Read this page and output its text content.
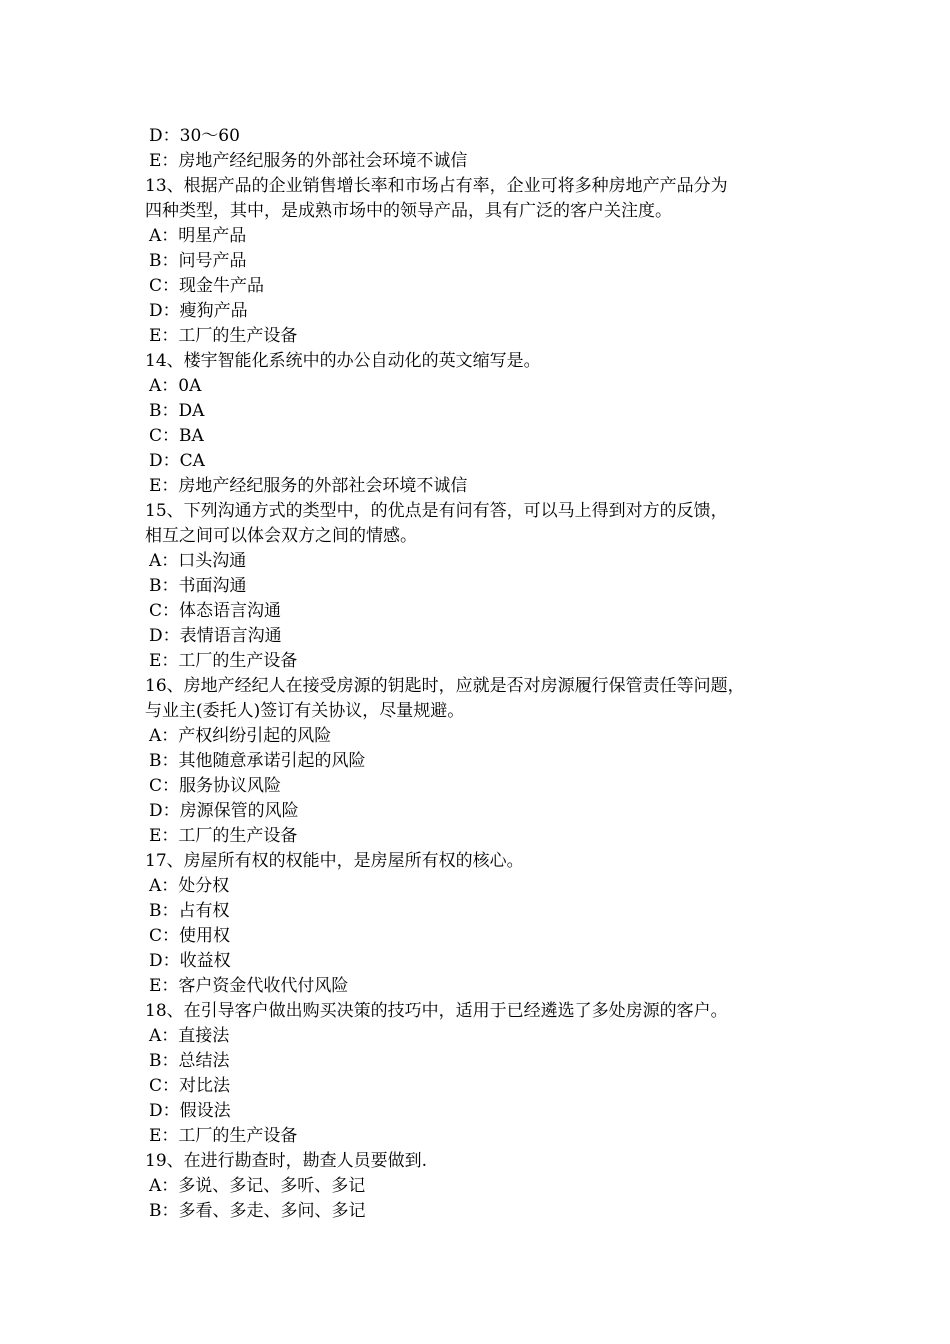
D：30～60
E：房地产经纪服务的外部社会环境不诚信
13、根据产品的企业销售增长率和市场占有率，企业可将多种房地产产品分为
四种类型，其中，是成熟市场中的领导产品，具有广泛的客户关注度。
A：明星产品
B：问号产品
C：现金牛产品
D：瘦狗产品
E：工厂的生产设备
14、楼宇智能化系统中的办公自动化的英文缩写是。
A：0A
B：DA
C：BA
D：CA
E：房地产经纪服务的外部社会环境不诚信
15、下列沟通方式的类型中，的优点是有问有答，可以马上得到对方的反馈，
相互之间可以体会双方之间的情感。
A：口头沟通
B：书面沟通
C：体态语言沟通
D：表情语言沟通
E：工厂的生产设备
16、房地产经纪人在接受房源的钥匙时，应就是否对房源履行保管责任等问题，
与业主(委托人)签订有关协议，尽量规避。
A：产权纠纷引起的风险
B：其他随意承诺引起的风险
C：服务协议风险
D：房源保管的风险
E：工厂的生产设备
17、房屋所有权的权能中，是房屋所有权的核心。
A：处分权
B：占有权
C：使用权
D：收益权
E：客户资金代收代付风险
18、在引导客户做出购买决策的技巧中，适用于已经遴选了多处房源的客户。
A：直接法
B：总结法
C：对比法
D：假设法
E：工厂的生产设备
19、在进行勘查时，勘查人员要做到.
A：多说、多记、多听、多记
B：多看、多走、多问、多记
